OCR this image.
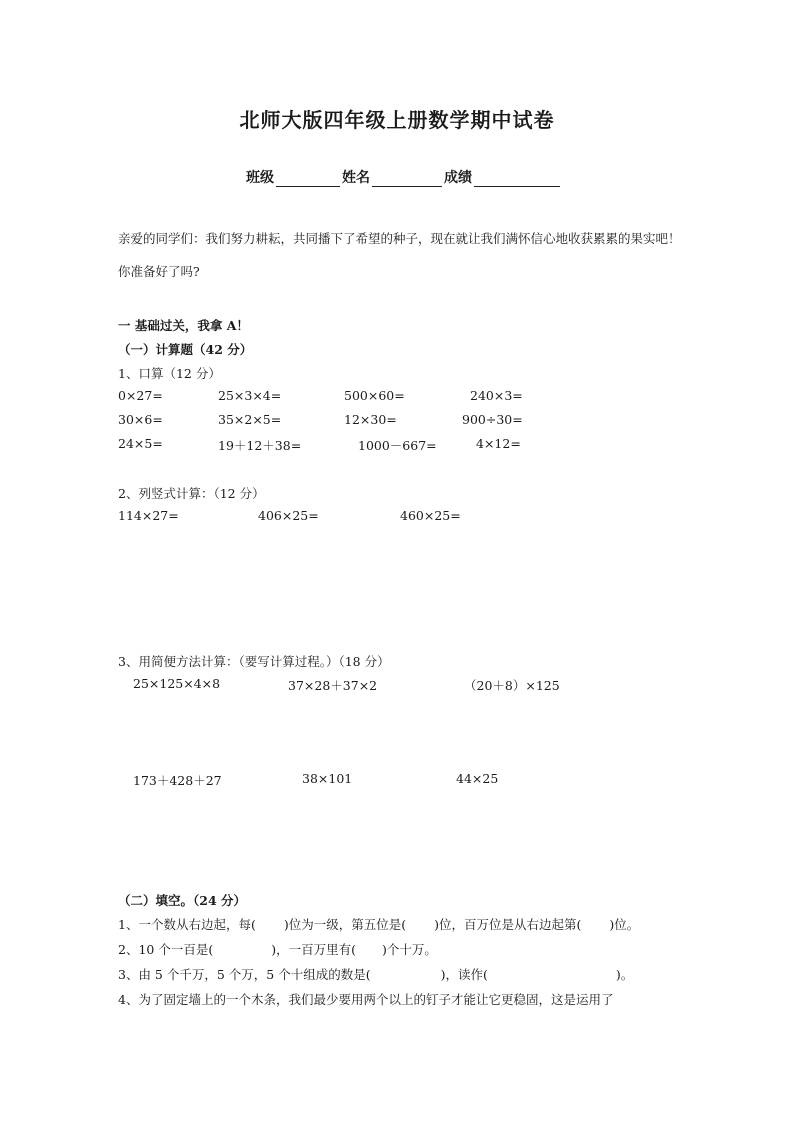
北师大版四年级上册数学期中试卷
班级	姓名	成绩
亲爱的同学们：我们努力耕耘，共同播下了希望的种子，现在就让我们满怀信心地收获累累的果实吧！
你准备好了吗?
一 基础过关，我拿 A！
（一）计算题（42 分）
1、口算（12 分）
0×27=	25×3×4=	500×60=	240×3=
30×6=	35×2×5=	12×30=	900÷30=
24×5=	19＋12＋38=	1000－667=	4×12=
2、列竖式计算：（12 分）
114×27=	406×25=	460×25=
3、用简便方法计算：（要写计算过程。）（18 分）
25×125×4×8	37×28＋37×2	（20＋8）×125
173＋428＋27	38×101	44×25
（二）填空。（24 分）
1、一个数从右边起，每( )位为一级，第五位是( )位，百万位是从右边起第( )位。
2、10 个一百是(	)，一百万里有( )个十万。
3、由 5 个千万，5 个万，5 个十组成的数是(	)，读作(	)。
4、为了固定墙上的一个木条，我们最少要用两个以上的钉子才能让它更稳固，这是运用了
